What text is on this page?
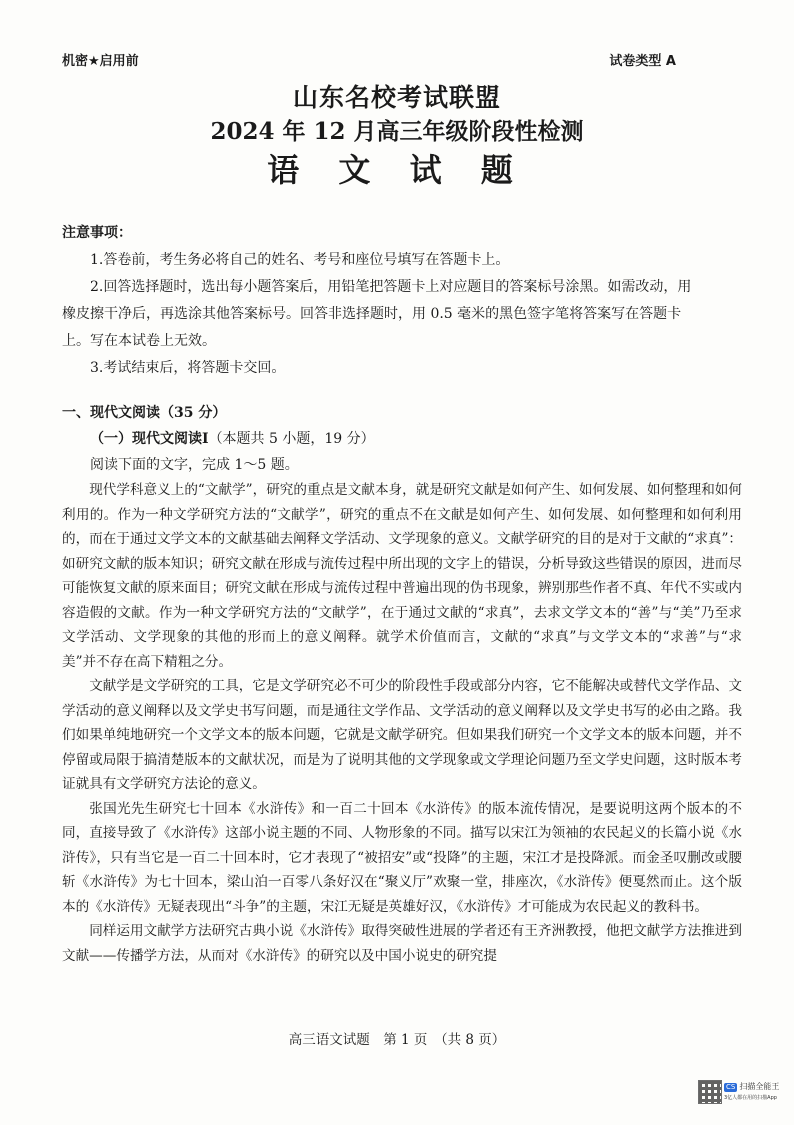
机密★启用前	试卷类型 A
山东名校考试联盟
2024 年 12 月高三年级阶段性检测
语 文 试 题
注意事项：

1.答卷前，考生务必将自己的姓名、考号和座位号填写在答题卡上。

2.回答选择题时，选出每小题答案后，用铅笔把答题卡上对应题目的答案标号涂黑。如需改动，用橡皮擦干净后，再选涂其他答案标号。回答非选择题时，用 0.5 毫米的黑色签字笔将答案写在答题卡上。写在本试卷上无效。

3.考试结束后，将答题卡交回。

一、现代文阅读（35 分）

（一）现代文阅读Ⅰ（本题共 5 小题，19 分）

阅读下面的文字，完成 1～5 题。

现代学科意义上的“文献学”，研究的重点是文献本身，就是研究文献是如何产生、如何发展、如何整理和如何利用的。作为一种文学研究方法的“文献学”，研究的重点不在文献是如何产生、如何发展、如何整理和如何利用的，而在于通过文学文本的文献基础去阐释文学活动、文学现象的意义。文献学研究的目的是对于文献的“求真”：如研究文献的版本知识；研究文献在形成与流传过程中所出现的文字上的错误，分析导致这些错误的原因，进而尽可能恢复文献的原来面目；研究文献在形成与流传过程中普遍出现的伪书现象，辨别那些作者不真、年代不实或内容造假的文献。作为一种文学研究方法的“文献学”，在于通过文献的“求真”，去求文学文本的“善”与“美”乃至求文学活动、文学现象的其他的形而上的意义阐释。就学术价值而言，文献的“求真”与文学文本的“求善”与“求美”并不存在高下精粗之分。

文献学是文学研究的工具，它是文学研究必不可少的阶段性手段或部分内容，它不能解决或替代文学作品、文学活动的意义阐释以及文学史书写问题，而是通往文学作品、文学活动的意义阐释以及文学史书写的必由之路。我们如果单纯地研究一个文学文本的版本问题，它就是文献学研究。但如果我们研究一个文学文本的版本问题，并不停留或局限于搞清楚版本的文献状况，而是为了说明其他的文学现象或文学理论问题乃至文学史问题，这时版本考证就具有文学研究方法论的意义。

张国光先生研究七十回本《水浒传》和一百二十回本《水浒传》的版本流传情况，是要说明这两个版本的不同，直接导致了《水浒传》这部小说主题的不同、人物形象的不同。描写以宋江为领袖的农民起义的长篇小说《水浒传》，只有当它是一百二十回本时，它才表现了“被招安”或“投降”的主题，宋江才是投降派。而金圣叹删改或腰斩《水浒传》为七十回本，梁山泊一百零八条好汉在“聚义厅”欢聚一堂，排座次，《水浒传》便戛然而止。这个版本的《水浒传》无疑表现出“斗争”的主题，宋江无疑是英雄好汉，《水浒传》才可能成为农民起义的教科书。

同样运用文献学方法研究古典小说《水浒传》取得突破性进展的学者还有王齐洲教授，他把文献学方法推进到文献——传播学方法，从而对《水浒传》的研究以及中国小说史的研究提

高三语文试题　第 1 页　（共 8 页）
CS 扫描全能王
3亿人都在用的扫描App
